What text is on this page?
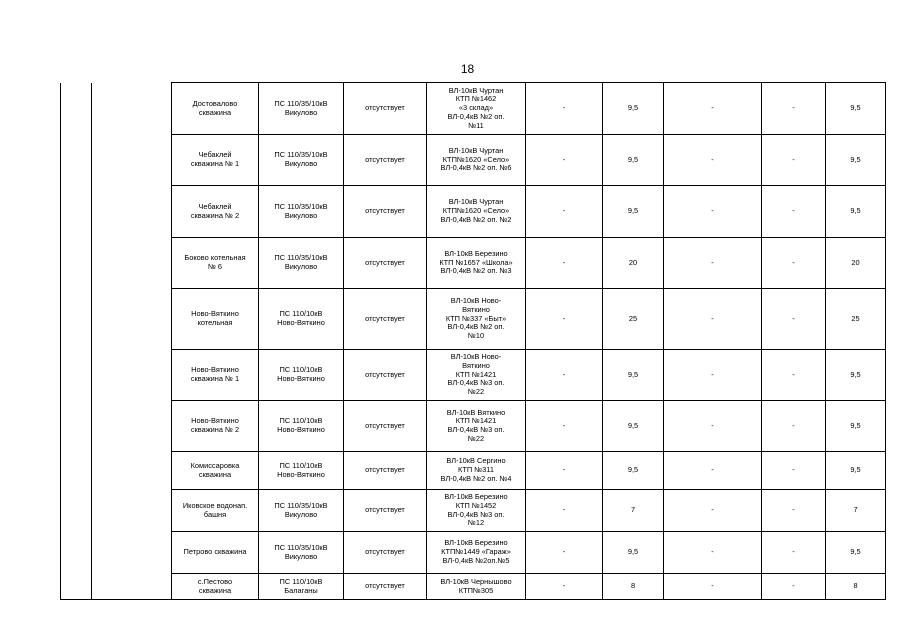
18
		Достовалово
скважина	ПС 110/35/10кВ
Викулово	отсутствует	ВЛ-10кВ Чуртан
КТП №1462
«3 склад»
ВЛ-0,4кВ №2 оп.
№11	-	9,5	-	-	9,5
		Чебаклей
скважина № 1	ПС 110/35/10кВ
Викулово	отсутствует	ВЛ-10кВ Чуртан
КТП№1620 «Село»
ВЛ-0,4кВ №2 оп. №6	-	9,5	-	-	9,5
		Чебаклей
скважина № 2	ПС 110/35/10кВ
Викулово	отсутствует	ВЛ-10кВ Чуртан
КТП№1620 «Село»
ВЛ-0,4кВ №2 оп. №2	-	9,5	-	-	9,5
		Боково котельная
№ 6	ПС 110/35/10кВ
Викулово	отсутствует	ВЛ-10кВ Березино
КТП №1657 «Школа»
ВЛ-0,4кВ №2 оп. №3	-	20	-	-	20
		Ново-Вяткино
котельная	ПС 110/10кВ
Ново-Вяткино	отсутствует	ВЛ-10кВ Ново-
Вяткино
КТП №337 «Быт»
ВЛ-0,4кВ №2 оп.
№10	-	25	-	-	25
		Ново-Вяткино
скважина № 1	ПС 110/10кВ
Ново-Вяткино	отсутствует	ВЛ-10кВ Ново-
Вяткино
КТП №1421
ВЛ-0,4кВ №3 оп.
№22	-	9,5	-	-	9,5
		Ново-Вяткино
скважина № 2	ПС 110/10кВ
Ново-Вяткино	отсутствует	ВЛ-10кВ Вяткино
КТП №1421
ВЛ-0,4кВ №3 оп.
№22	-	9,5	-	-	9,5
		Комиссаровка
скважина	ПС 110/10кВ
Ново-Вяткино	отсутствует	ВЛ-10кВ Сергино
КТП №311
ВЛ-0,4кВ №2 оп. №4	-	9,5	-	-	9,5
		Иковское водонап.
башня	ПС 110/35/10кВ
Викулово	отсутствует	ВЛ-10кВ Березино
КТП №1452
ВЛ-0,4кВ №3 оп.
№12	-	7	-	-	7
		Петрово скважина	ПС 110/35/10кВ
Викулово	отсутствует	ВЛ-10кВ Березино
КТП№1449 «Гараж»
ВЛ-0,4кВ №2оп.№5	-	9,5	-	-	9,5
		с.Пестово
скважина	ПС 110/10кВ
Балаганы	отсутствует	ВЛ-10кВ Чернышово
КТП№305	-	8	-	-	8
